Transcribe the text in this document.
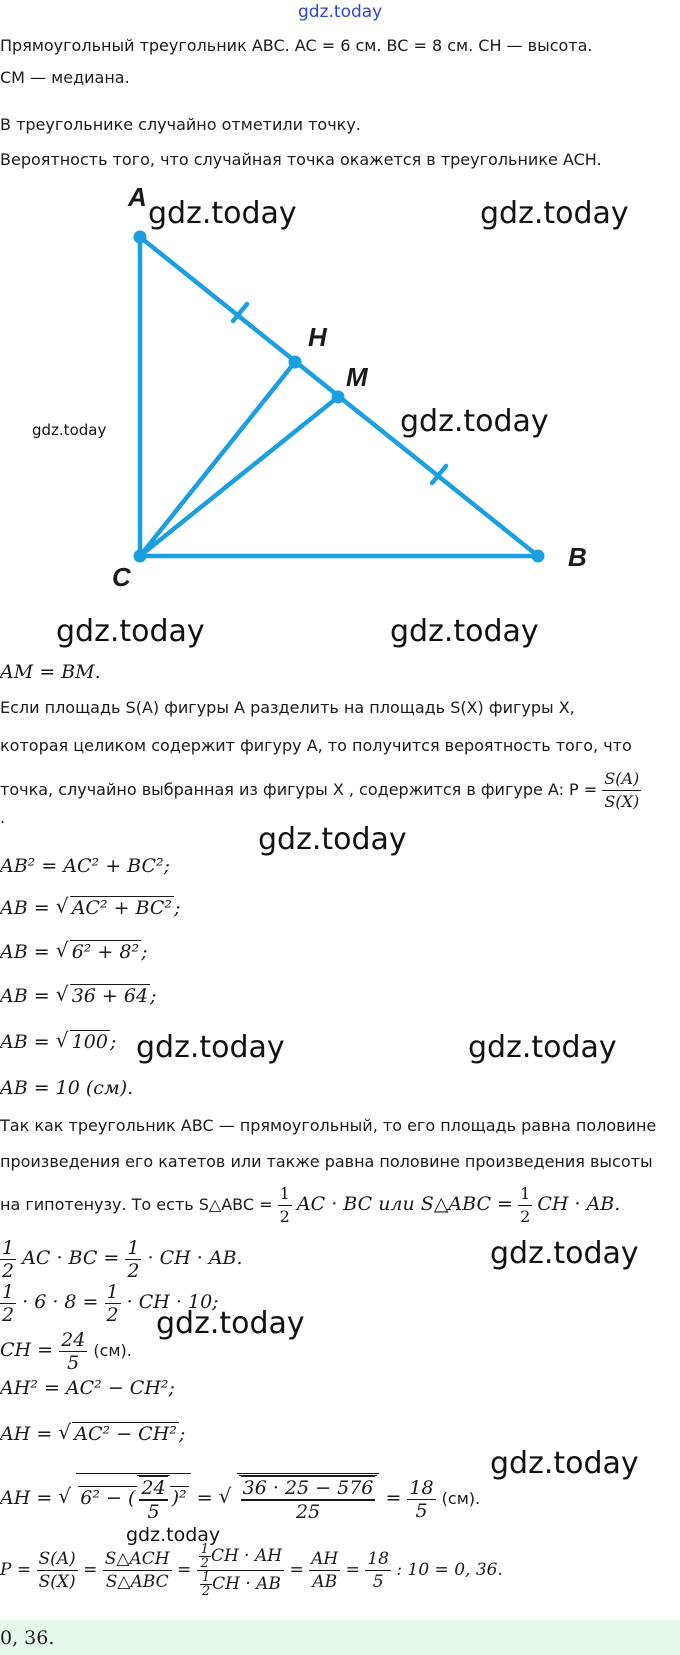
gdz.today
Прямоугольный треугольник ABC. AC = 6 см. BC = 8 см. CH — высота.
CM — медиана.
В треугольнике случайно отметили точку.
Вероятность того, что случайная точка окажется в треугольнике ACH.
A
H
M
C
B
gdz.today	gdz.today
gdz.today	gdz.today
gdz.today	gdz.today
AM = BM.
Если площадь S(A) фигуры A разделить на площадь S(X) фигуры X,
которая целиком содержит фигуру A, то получится вероятность того, что
точка, случайно выбранная из фигуры X , содержится в фигуре A: $P = \frac{S(A)}{S(X)}$
.
gdz.today
AB² = AC² + BC²;
AB = √ AC² + BC² ;
AB = √ 6² + 8² ;
AB = √ 36 + 64 ;
AB = √ 100 ; gdz.today	gdz.today
AB = 10 (см).
Так как треугольник ABC — прямоугольный, то его площадь равна половине
произведения его катетов или также равна половине произведения высоты
на гипотенузу. То есть S△ABC = $\frac{1}{2}$ AC · BC или S△ABC = $\frac{1}{2}$ CH · AB.
$\frac{1}{2}$ AC · BC = $\frac{1}{2}$ · CH · AB.	gdz.today
$\frac{1}{2} \cdot 6 \cdot 8 = \frac{1}{2}$ · CH · 10;
gdz.today
CH = $\frac{24}{5} (см)$.
AH² = AC² − CH²;
AH = √ AC² − CH² ;
gdz.today
AH = √ 6² − ( $\frac{24}{5} )^2$ = √ $\frac{36 \cdot 25 - 576}{25} = \frac{18}{5} (см)$.
gdz.today
$P = \frac{S(A)}{S(X)} = \frac{\text{S△ACH}}{\text{S△ABC}} = \frac{\frac{1}{2} CH \cdot AH}{\frac{1}{2} CH \cdot AB} = \frac{AH}{AB} = \frac{18}{5}$ : 10 = 0, 36.
0, 36.
